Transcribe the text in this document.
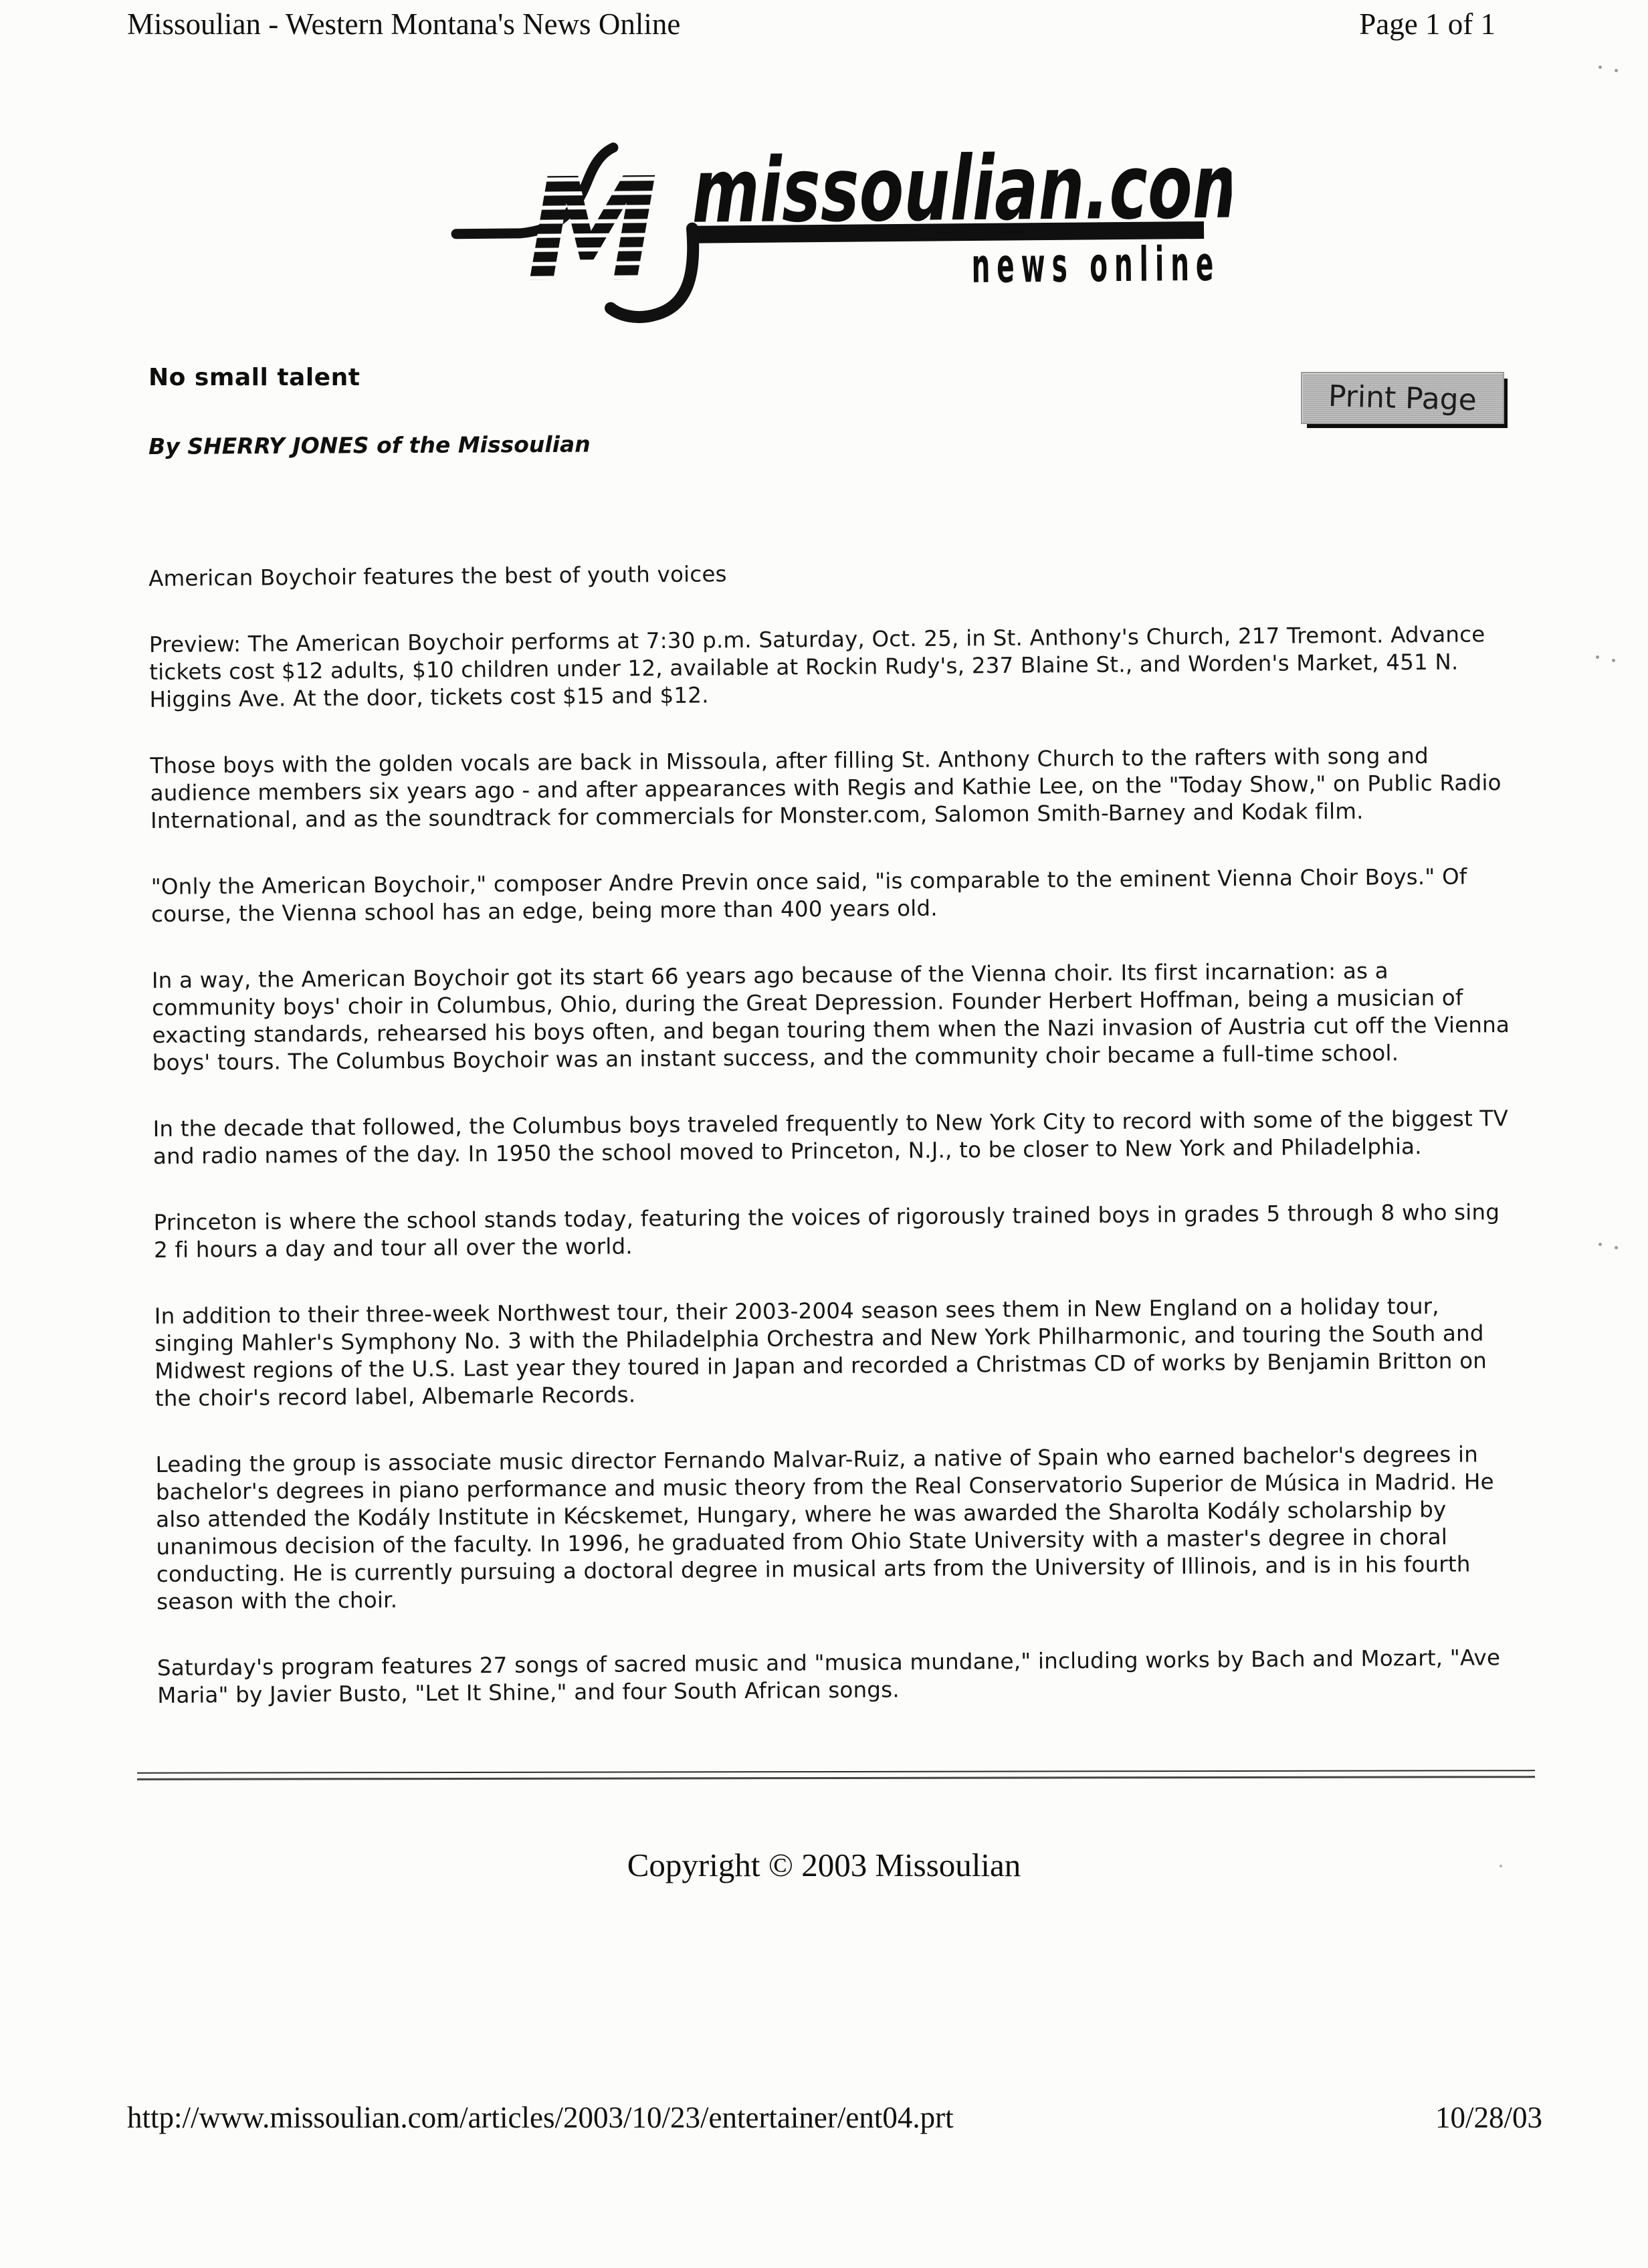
Missoulian - Western Montana's News Online	Page 1 of 1
M missoulian.com
news online
No small talent
Print Page
By SHERRY JONES of the Missoulian

American Boychoir features the best of youth voices

Preview: The American Boychoir performs at 7:30 p.m. Saturday, Oct. 25, in St. Anthony's Church, 217 Tremont. Advance tickets cost $12 adults, $10 children under 12, available at Rockin Rudy's, 237 Blaine St., and Worden's Market, 451 N. Higgins Ave. At the door, tickets cost $15 and $12.

Those boys with the golden vocals are back in Missoula, after filling St. Anthony Church to the rafters with song and audience members six years ago - and after appearances with Regis and Kathie Lee, on the "Today Show," on Public Radio International, and as the soundtrack for commercials for Monster.com, Salomon Smith-Barney and Kodak film.

"Only the American Boychoir," composer Andre Previn once said, "is comparable to the eminent Vienna Choir Boys." Of course, the Vienna school has an edge, being more than 400 years old.

In a way, the American Boychoir got its start 66 years ago because of the Vienna choir. Its first incarnation: as a community boys' choir in Columbus, Ohio, during the Great Depression. Founder Herbert Hoffman, being a musician of exacting standards, rehearsed his boys often, and began touring them when the Nazi invasion of Austria cut off the Vienna boys' tours. The Columbus Boychoir was an instant success, and the community choir became a full-time school.

In the decade that followed, the Columbus boys traveled frequently to New York City to record with some of the biggest TV and radio names of the day. In 1950 the school moved to Princeton, N.J., to be closer to New York and Philadelphia.

Princeton is where the school stands today, featuring the voices of rigorously trained boys in grades 5 through 8 who sing 2 fi hours a day and tour all over the world.

In addition to their three-week Northwest tour, their 2003-2004 season sees them in New England on a holiday tour, singing Mahler's Symphony No. 3 with the Philadelphia Orchestra and New York Philharmonic, and touring the South and Midwest regions of the U.S. Last year they toured in Japan and recorded a Christmas CD of works by Benjamin Britton on the choir's record label, Albemarle Records.

Leading the group is associate music director Fernando Malvar-Ruiz, a native of Spain who earned bachelor's degrees in bachelor's degrees in piano performance and music theory from the Real Conservatorio Superior de Música in Madrid. He also attended the Kodály Institute in Kécskemet, Hungary, where he was awarded the Sharolta Kodály scholarship by unanimous decision of the faculty. In 1996, he graduated from Ohio State University with a master's degree in choral conducting. He is currently pursuing a doctoral degree in musical arts from the University of Illinois, and is in his fourth season with the choir.

Saturday's program features 27 songs of sacred music and "musica mundane," including works by Bach and Mozart, "Ave Maria" by Javier Busto, "Let It Shine," and four South African songs.

Copyright © 2003 Missoulian
http://www.missoulian.com/articles/2003/10/23/entertainer/ent04.prt	10/28/03
